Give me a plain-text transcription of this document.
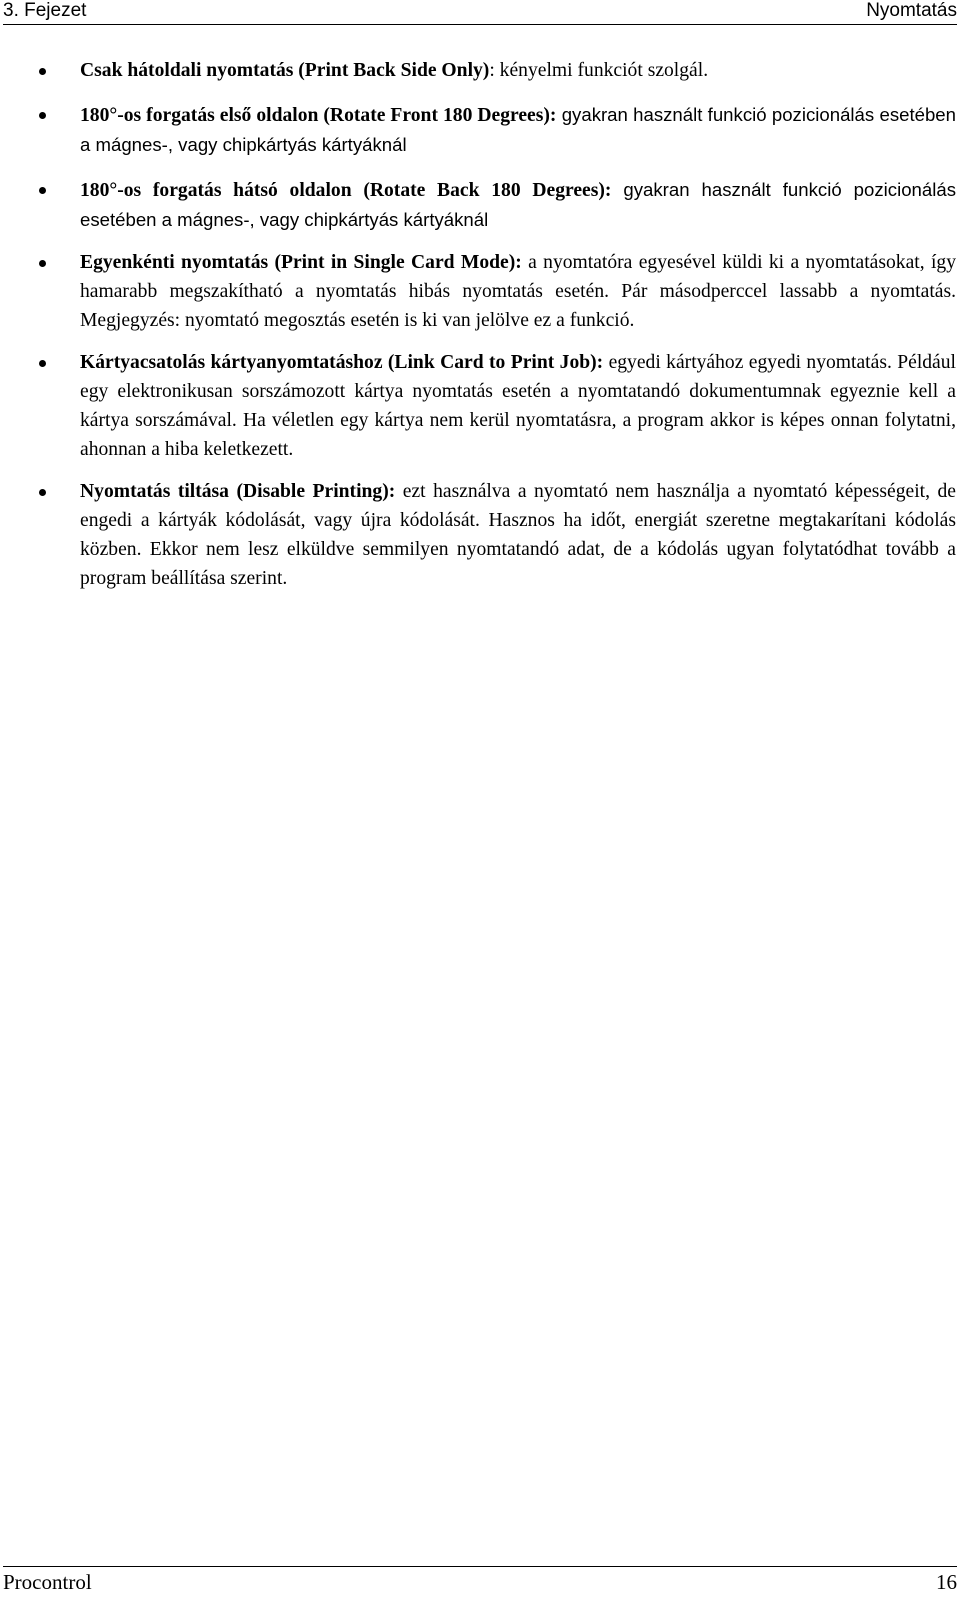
3. Fejezet	Nyomtatás
Csak hátoldali nyomtatás (Print Back Side Only): kényelmi funkciót szolgál.
180°-os forgatás első oldalon (Rotate Front 180 Degrees): gyakran használt funkció pozicionálás esetében a mágnes-, vagy chipkártyás kártyáknál
180°-os forgatás hátsó oldalon (Rotate Back 180 Degrees): gyakran használt funkció pozicionálás esetében a mágnes-, vagy chipkártyás kártyáknál
Egyenkénti nyomtatás (Print in Single Card Mode): a nyomtatóra egyesével küldi ki a nyomtatásokat, így hamarabb megszakítható a nyomtatás hibás nyomtatás esetén. Pár másodperccel lassabb a nyomtatás. Megjegyzés: nyomtató megosztás esetén is ki van jelölve ez a funkció.
Kártyacsatolás kártyanyomtatáshoz (Link Card to Print Job): egyedi kártyához egyedi nyomtatás. Például egy elektronikusan sorszámozott kártya nyomtatás esetén a nyomtatandó dokumentumnak egyeznie kell a kártya sorszámával. Ha véletlen egy kártya nem kerül nyomtatásra, a program akkor is képes onnan folytatni, ahonnan a hiba keletkezett.
Nyomtatás tiltása (Disable Printing): ezt használva a nyomtató nem használja a nyomtató képességeit, de engedi a kártyák kódolását, vagy újra kódolását. Hasznos ha időt, energiát szeretne megtakarítani kódolás közben. Ekkor nem lesz elküldve semmilyen nyomtatandó adat, de a kódolás ugyan folytatódhat tovább a program beállítása szerint.
Procontrol	16
